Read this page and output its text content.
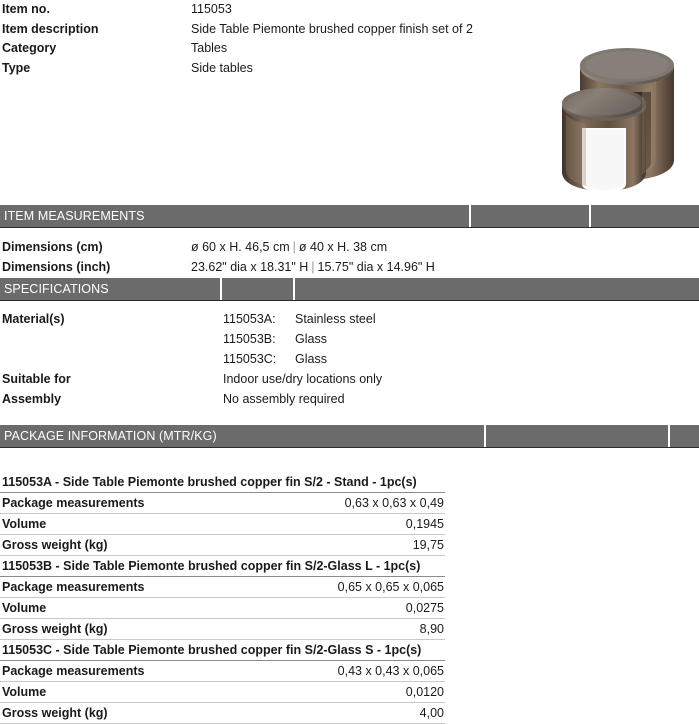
Item no.	115053
Item description	Side Table Piemonte brushed copper finish set of 2
Category	Tables
Type	Side tables
ITEM MEASUREMENTS
Dimensions (cm)	ø 60 x H. 46,5 cm | ø 40 x H. 38 cm
Dimensions (inch)	23.62" dia x 18.31" H | 15.75" dia x 14.96" H
SPECIFICATIONS
Material(s)	115053A: Stainless steel
115053B: Glass
115053C: Glass
Suitable for	Indoor use/dry locations only
Assembly	No assembly required
PACKAGE INFORMATION (MTR/KG)
115053A - Side Table Piemonte brushed copper fin S/2 - Stand - 1pc(s)
Package measurements	0,63 x 0,63 x 0,49
Volume	0,1945
Gross weight (kg)	19,75
115053B - Side Table Piemonte brushed copper fin S/2-Glass L - 1pc(s)
Package measurements	0,65 x 0,65 x 0,065
Volume	0,0275
Gross weight (kg)	8,90
115053C - Side Table Piemonte brushed copper fin S/2-Glass S - 1pc(s)
Package measurements	0,43 x 0,43 x 0,065
Volume	0,0120
Gross weight (kg)	4,00
